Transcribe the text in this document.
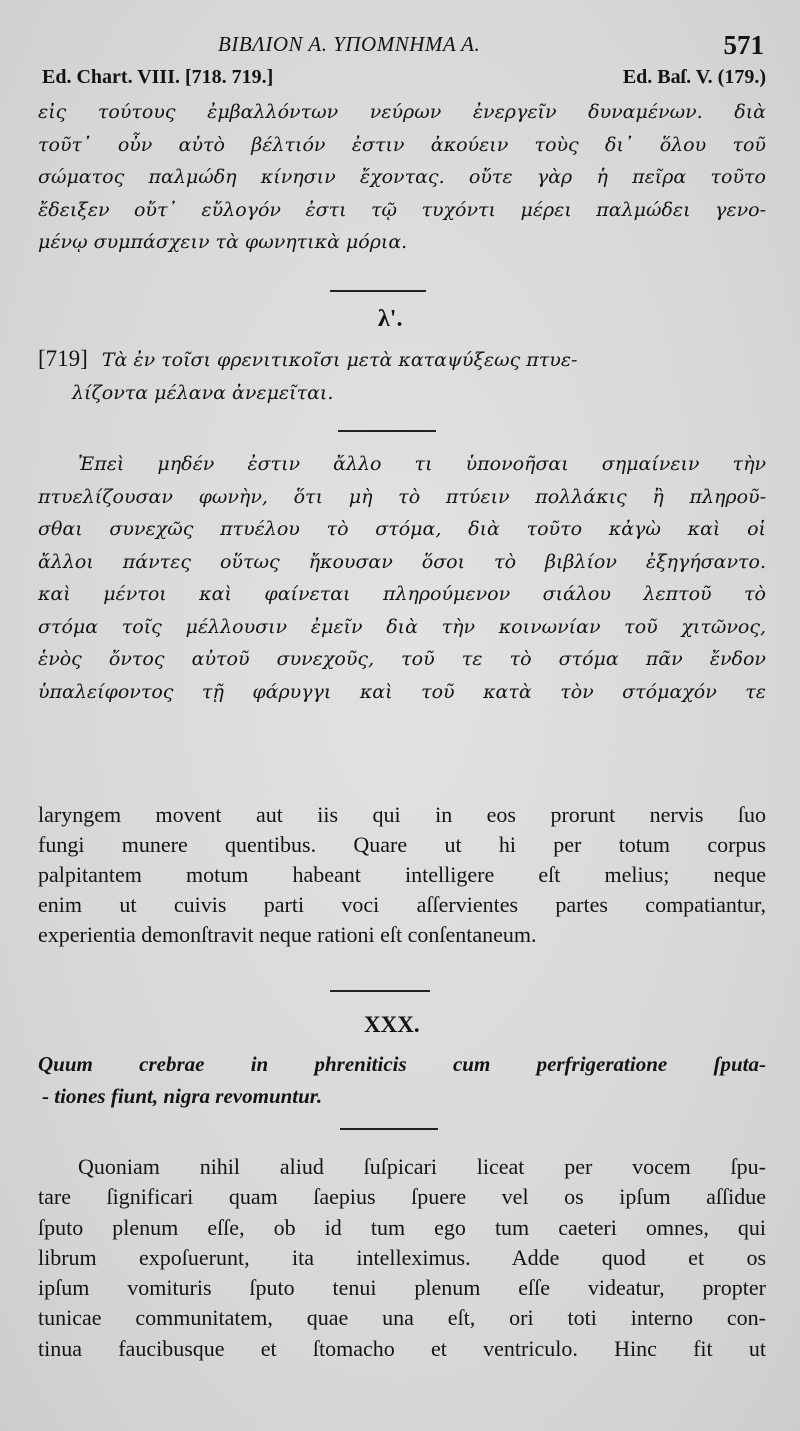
ΒΙΒΛΙΟΝ Α. ΥΠΟΜΝΗΜΑ Α.	571
Ed. Chart. VIII. [718. 719.]	Ed. Baſ. V. (179.)
εἰς τούτους ἐμβαλλόντων νεύρων ἐνεργεῖν δυναμένων. διὰ
τοῦτ᾽ οὖν αὐτὸ βέλτιόν ἐστιν ἀκούειν τοὺς δι᾽ ὅλου τοῦ
σώματος παλμώδη κίνησιν ἔχοντας. οὔτε γὰρ ἡ πεῖρα τοῦτο
ἔδειξεν οὔτ᾽ εὔλογόν ἐστι τῷ τυχόντι μέρει παλμώδει γενο-
μένῳ συμπάσχειν τὰ φωνητικὰ μόρια.
λ'.
[719] Τὰ ἐν τοῖσι φρενιτικοῖσι μετὰ καταψύξεως πτυε-
λίζοντα μέλανα ἀνεμεῖται.
Ἐπεὶ μηδέν ἐστιν ἄλλο τι ὑπονοῆσαι σημαίνειν τὴν
πτυελίζουσαν φωνὴν, ὅτι μὴ τὸ πτύειν πολλάκις ἢ πληροῦ-
σθαι συνεχῶς πτυέλου τὸ στόμα, διὰ τοῦτο κἀγὼ καὶ οἱ
ἄλλοι πάντες οὕτως ἤκουσαν ὅσοι τὸ βιβλίον ἐξηγήσαντο.
καὶ μέντοι καὶ φαίνεται πληρούμενον σιάλου λεπτοῦ τὸ
στόμα τοῖς μέλλουσιν ἐμεῖν διὰ τὴν κοινωνίαν τοῦ χιτῶνος,
ἑνὸς ὄντος αὐτοῦ συνεχοῦς, τοῦ τε τὸ στόμα πᾶν ἔνδον
ὑπαλείφοντος τῇ φάρυγγι καὶ τοῦ κατὰ τὸν στόμαχόν τε
laryngem movent aut iis qui in eos prorunt nervis ſuo
fungi munere quentibus. Quare ut hi per totum corpus
palpitantem motum habeant intelligere eſt melius; neque
enim ut cuivis parti voci aſſervientes partes compatiantur,
experientia demonſtravit neque rationi eſt conſentaneum.
XXX.
Quum crebrae in phreniticis cum perfrigeratione ſputa-
- tiones fiunt, nigra revomuntur.
Quoniam nihil aliud ſuſpicari liceat per vocem ſpu-
tare ſignificari quam ſaepius ſpuere vel os ipſum aſſidue
ſputo plenum eſſe, ob id tum ego tum caeteri omnes, qui
librum expoſuerunt, ita intelleximus. Adde quod et os
ipſum vomituris ſputo tenui plenum eſſe videatur, propter
tunicae communitatem, quae una eſt, ori toti interno con-
tinua faucibusque et ſtomacho et ventriculo. Hinc fit ut
